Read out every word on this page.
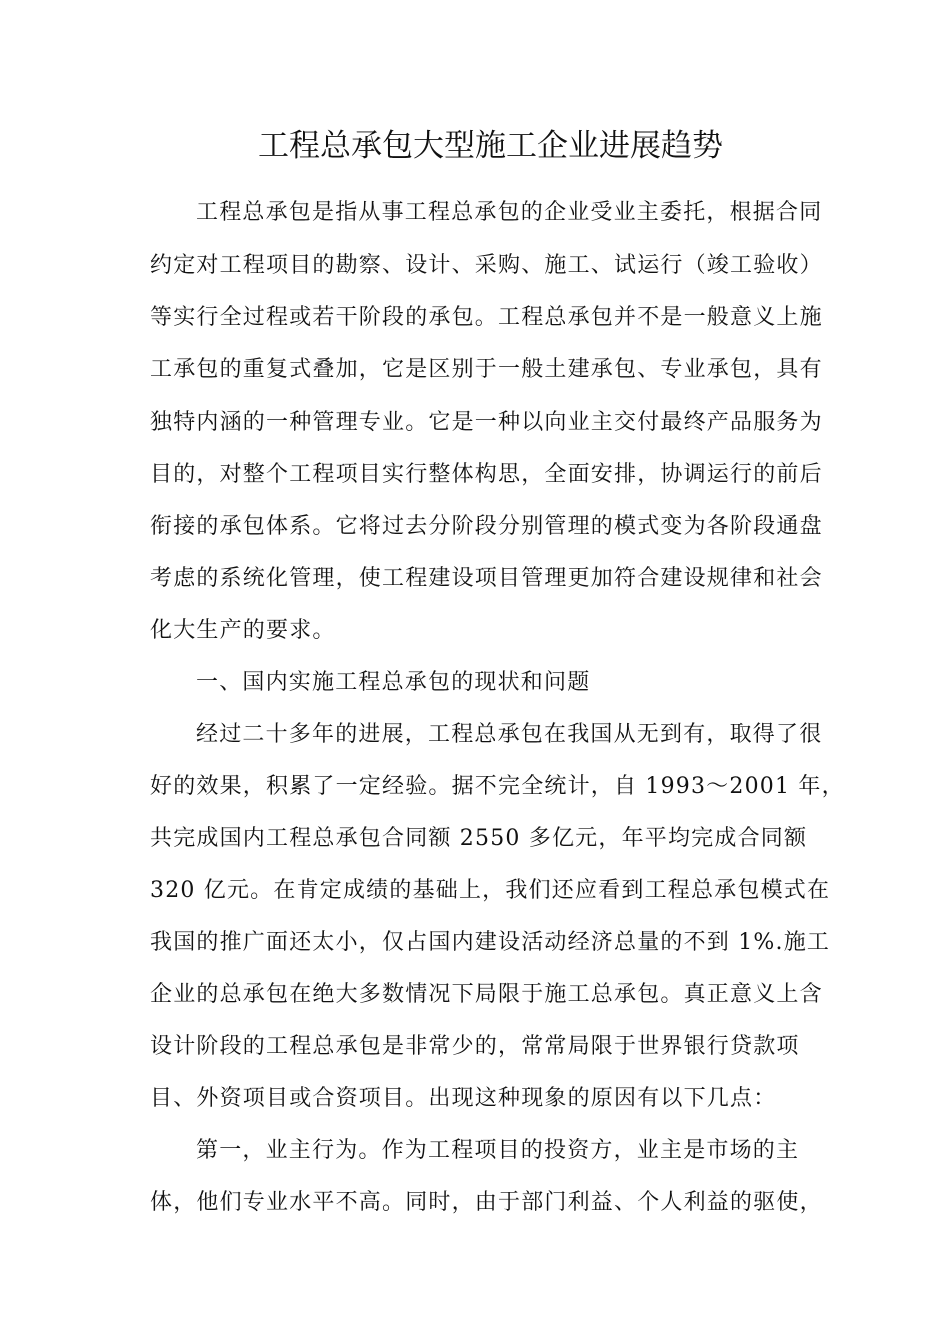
工程总承包大型施工企业进展趋势
工程总承包是指从事工程总承包的企业受业主委托，根据合同
约定对工程项目的勘察、设计、采购、施工、试运行（竣工验收）
等实行全过程或若干阶段的承包。工程总承包并不是一般意义上施
工承包的重复式叠加，它是区别于一般土建承包、专业承包，具有
独特内涵的一种管理专业。它是一种以向业主交付最终产品服务为
目的，对整个工程项目实行整体构思，全面安排，协调运行的前后
衔接的承包体系。它将过去分阶段分别管理的模式变为各阶段通盘
考虑的系统化管理，使工程建设项目管理更加符合建设规律和社会
化大生产的要求。
一、国内实施工程总承包的现状和问题
经过二十多年的进展，工程总承包在我国从无到有，取得了很
好的效果，积累了一定经验。据不完全统计，自 1993～2001 年，
共完成国内工程总承包合同额 2550 多亿元，年平均完成合同额
320 亿元。在肯定成绩的基础上，我们还应看到工程总承包模式在
我国的推广面还太小，仅占国内建设活动经济总量的不到 1%.施工
企业的总承包在绝大多数情况下局限于施工总承包。真正意义上含
设计阶段的工程总承包是非常少的，常常局限于世界银行贷款项
目、外资项目或合资项目。出现这种现象的原因有以下几点：
第一，业主行为。作为工程项目的投资方，业主是市场的主
体，他们专业水平不高。同时，由于部门利益、个人利益的驱使，
